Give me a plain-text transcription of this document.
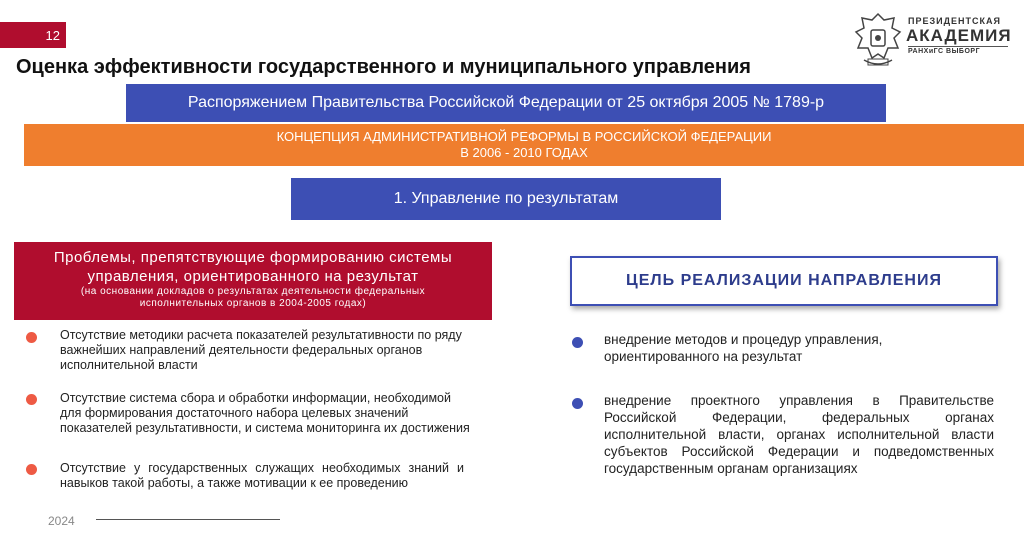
12
Оценка эффективности государственного и муниципального управления
ПРЕЗИДЕНТСКАЯ
АКАДЕМИЯ
РАНХиГС ВЫБОРГ
Распоряжением Правительства Российской Федерации от 25 октября 2005 № 1789-р
КОНЦЕПЦИЯ АДМИНИСТРАТИВНОЙ РЕФОРМЫ В РОССИЙСКОЙ ФЕДЕРАЦИИ
В 2006 - 2010 ГОДАХ
1. Управление по результатам
Проблемы, препятствующие формированию системы
управления, ориентированного на результат
(на основании докладов о результатах деятельности федеральных
исполнительных органов в 2004-2005 годах)
Отсутствие методики расчета показателей результативности по ряду важнейших направлений деятельности федеральных органов исполнительной власти
Отсутствие система сбора и обработки информации, необходимой для формирования достаточного набора целевых значений показателей результативности, и система мониторинга их достижения
Отсутствие у государственных служащих необходимых знаний и навыков такой работы, а также мотивации к ее проведению
ЦЕЛЬ РЕАЛИЗАЦИИ НАПРАВЛЕНИЯ
внедрение методов и процедур управления, ориентированного на результат
внедрение проектного управления в Правительстве Российской Федерации, федеральных органах исполнительной власти, органах исполнительной власти субъектов Российской Федерации и подведомственных государственным органам организациях
2024
